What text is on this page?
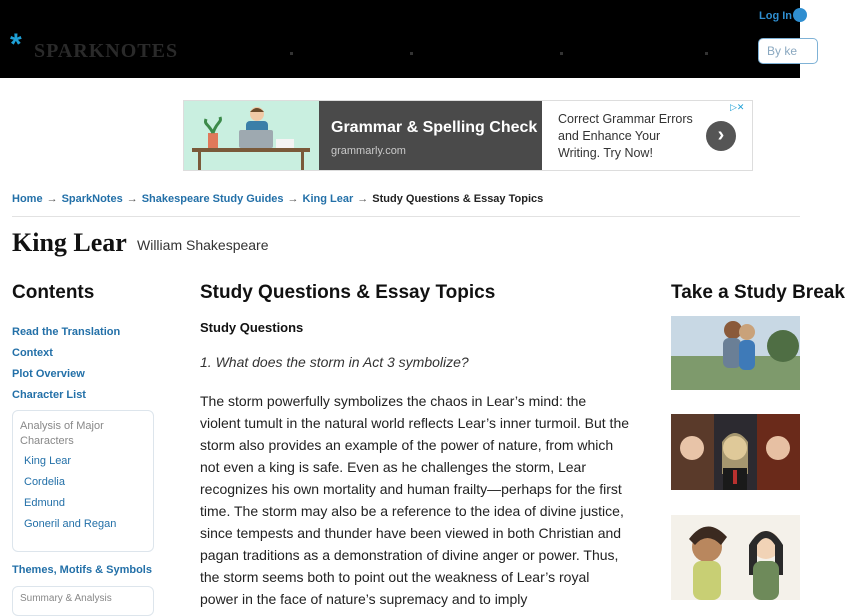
* SPARKNOTES
Log In
By ke
Grammar & Spelling Check
grammarly.com
Correct Grammar Errors and Enhance Your Writing. Try Now!
›
▷✕
Home → SparkNotes → Shakespeare Study Guides → King Lear → Study Questions & Essay Topics
King Lear William Shakespeare
Contents
Read the Translation
Context
Plot Overview
Character List
Analysis of Major Characters
King Lear
Cordelia
Edmund
Goneril and Regan
Themes, Motifs & Symbols
Summary & Analysis
Study Questions & Essay Topics
Study Questions
1. What does the storm in Act 3 symbolize?
The storm powerfully symbolizes the chaos in Lear’s mind: the violent tumult in the natural world reflects Lear’s inner turmoil. But the storm also provides an example of the power of nature, from which not even a king is safe. Even as he challenges the storm, Lear recognizes his own mortality and human frailty—perhaps for the first time. The storm may also be a reference to the idea of divine justice, since tempests and thunder have been viewed in both Christian and pagan traditions as a demonstration of divine anger or power. Thus, the storm seems both to point out the weakness of Lear’s royal power in the face of nature’s supremacy and to imply
Take a Study Break
